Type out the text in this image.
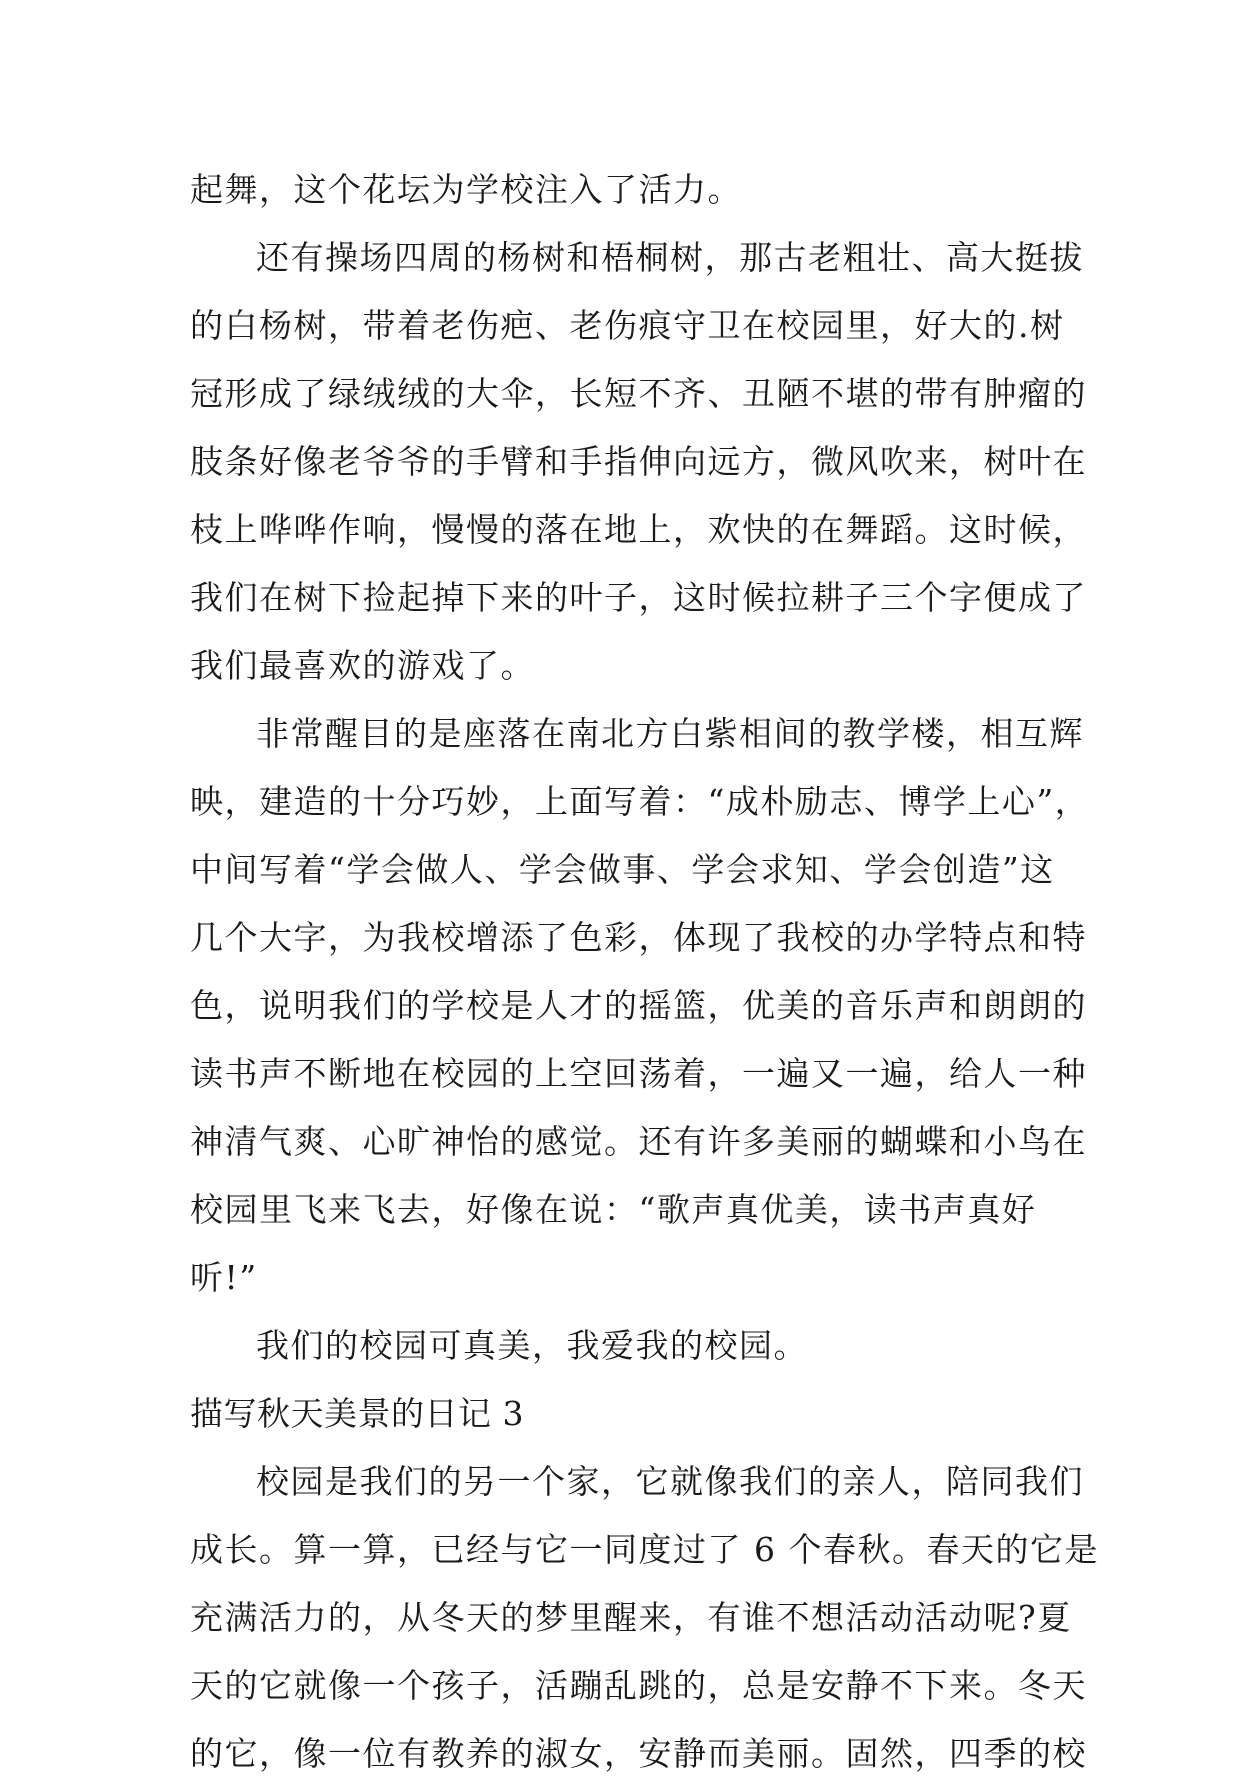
起舞，这个花坛为学校注入了活力。
还有操场四周的杨树和梧桐树，那古老粗壮、高大挺拔
的白杨树，带着老伤疤、老伤痕守卫在校园里，好大的.树
冠形成了绿绒绒的大伞，长短不齐、丑陋不堪的带有肿瘤的
肢条好像老爷爷的手臂和手指伸向远方，微风吹来，树叶在
枝上哗哗作响，慢慢的落在地上，欢快的在舞蹈。这时候，
我们在树下捡起掉下来的叶子，这时候拉耕子三个字便成了
我们最喜欢的游戏了。
非常醒目的是座落在南北方白紫相间的教学楼，相互辉
映，建造的十分巧妙，上面写着：“成朴励志、博学上心”，
中间写着“学会做人、学会做事、学会求知、学会创造”这
几个大字，为我校增添了色彩，体现了我校的办学特点和特
色，说明我们的学校是人才的摇篮，优美的音乐声和朗朗的
读书声不断地在校园的上空回荡着，一遍又一遍，给人一种
神清气爽、心旷神怡的感觉。还有许多美丽的蝴蝶和小鸟在
校园里飞来飞去，好像在说：“歌声真优美，读书声真好
听!”
我们的校园可真美，我爱我的校园。
描写秋天美景的日记 3
校园是我们的另一个家，它就像我们的亲人，陪同我们
成长。算一算，已经与它一同度过了 6 个春秋。春天的它是
充满活力的，从冬天的梦里醒来，有谁不想活动活动呢?夏
天的它就像一个孩子，活蹦乱跳的，总是安静不下来。冬天
的它，像一位有教养的淑女，安静而美丽。固然，四季的校
